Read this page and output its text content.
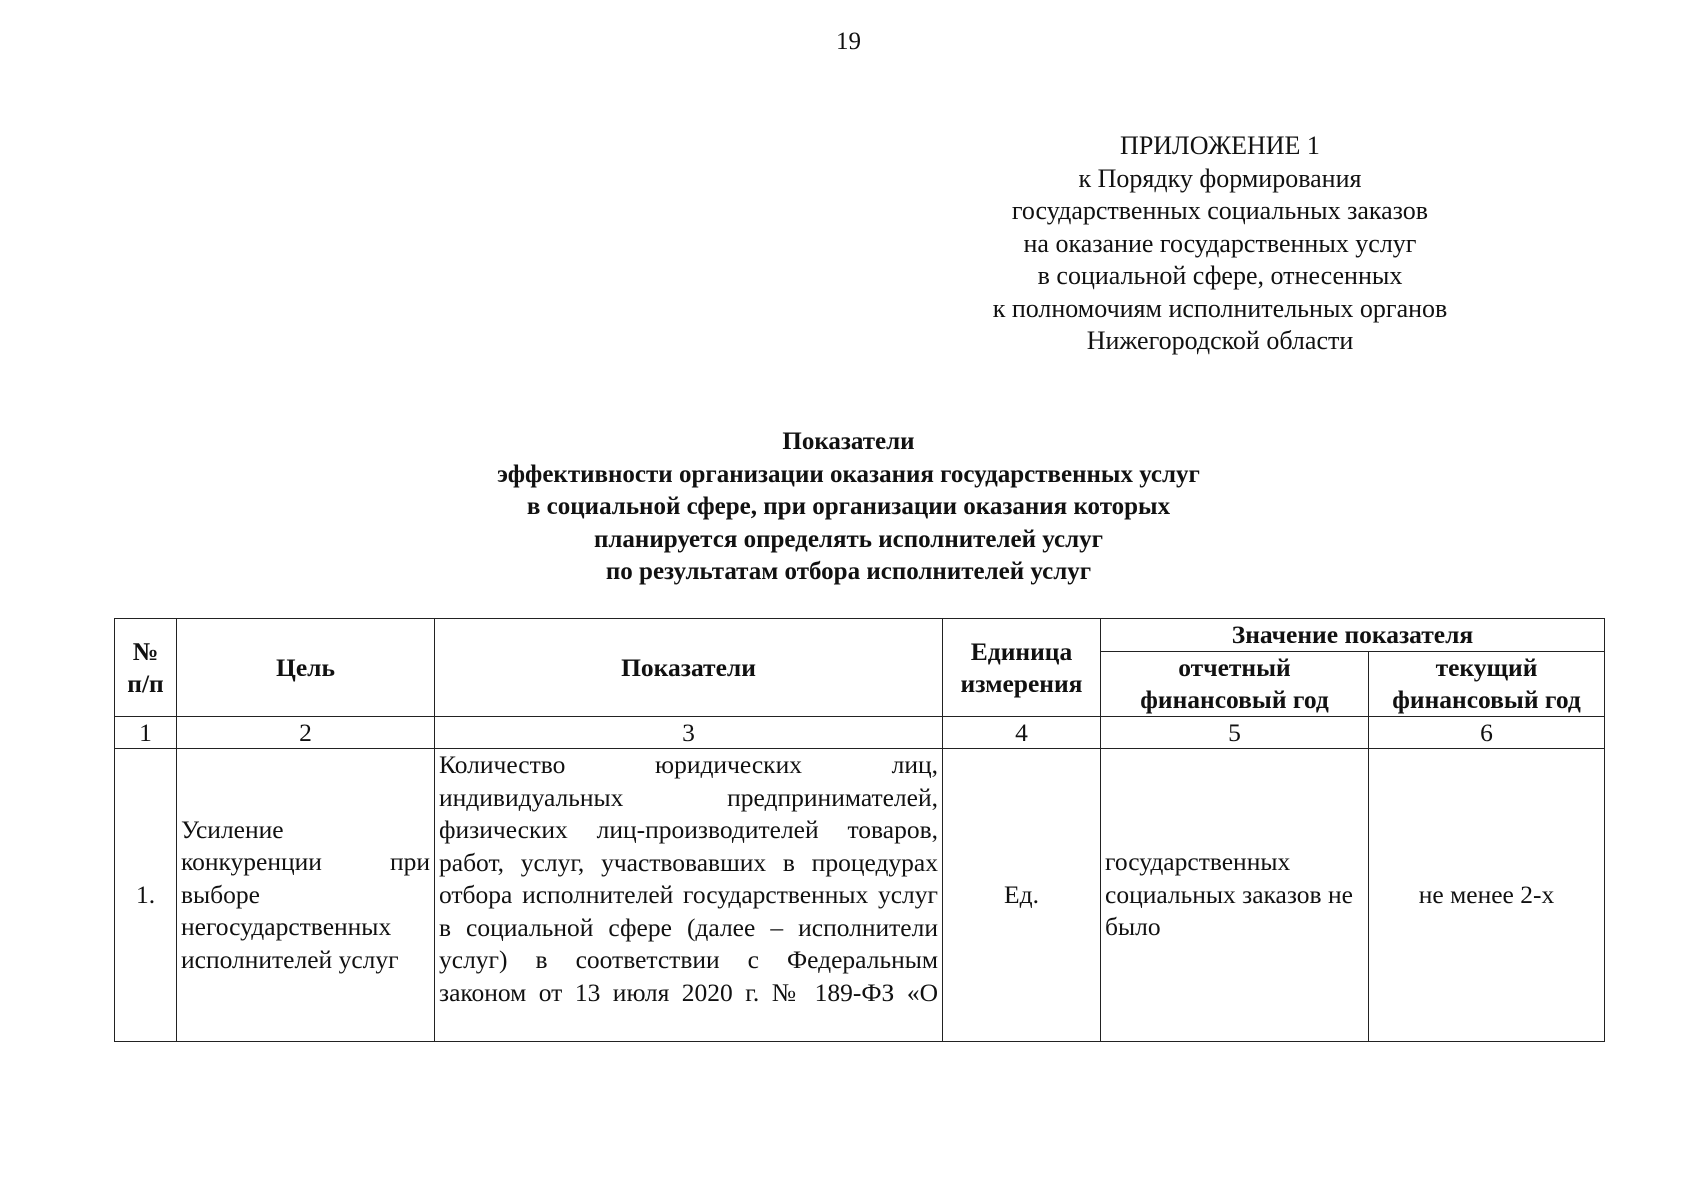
19
ПРИЛОЖЕНИЕ 1
к Порядку формирования
государственных социальных заказов
на оказание государственных услуг
в социальной сфере, отнесенных
к полномочиям исполнительных органов
Нижегородской области
Показатели
эффективности организации оказания государственных услуг
в социальной сфере, при организации оказания которых
планируется определять исполнителей услуг
по результатам отбора исполнителей услуг
№ п/п	Цель	Показатели	Единица измерения	Значение показателя	
				отчетный финансовый год	текущий финансовый год
1	2	3	4	5	6
1.	Усиление конкуренции при выборе негосударственных исполнителей услуг	Количество юридических лиц, индивидуальных предпринимателей, физических лиц-производителей товаров, работ, услуг, участвовавших в процедурах отбора исполнителей государственных услуг в социальной сфере (далее – исполнители услуг) в соответствии с Федеральным законом от 13 июля 2020 г. № 189-ФЗ «О	Ед.	государственных социальных заказов не было	не менее 2-х
